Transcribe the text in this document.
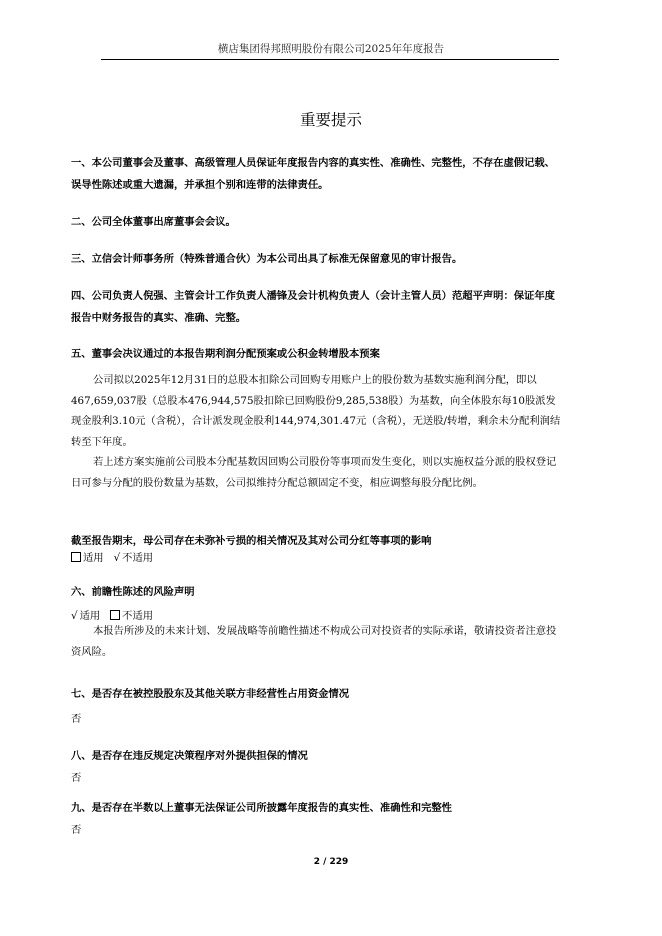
横店集团得邦照明股份有限公司2025年年度报告
重要提示
一、本公司董事会及董事、高级管理人员保证年度报告内容的真实性、准确性、完整性，不存在虚假记载、误导性陈述或重大遗漏，并承担个别和连带的法律责任。
二、公司全体董事出席董事会会议。
三、立信会计师事务所（特殊普通合伙）为本公司出具了标准无保留意见的审计报告。
四、公司负责人倪强、主管会计工作负责人潘锋及会计机构负责人（会计主管人员）范超平声明：保证年度报告中财务报告的真实、准确、完整。
五、董事会决议通过的本报告期利润分配预案或公积金转增股本预案
公司拟以2025年12月31日的总股本扣除公司回购专用账户上的股份数为基数实施利润分配，即以467,659,037股（总股本476,944,575股扣除已回购股份9,285,538股）为基数，向全体股东每10股派发现金股利3.10元（含税），合计派发现金股利144,974,301.47元（含税），无送股/转增，剩余未分配利润结转至下年度。
若上述方案实施前公司股本分配基数因回购公司股份等事项而发生变化，则以实施权益分派的股权登记日可参与分配的股份数量为基数，公司拟维持分配总额固定不变，相应调整每股分配比例。
截至报告期末，母公司存在未弥补亏损的相关情况及其对公司分红等事项的影响
适用 √ 不适用
六、前瞻性陈述的风险声明
√ 适用 不适用
本报告所涉及的未来计划、发展战略等前瞻性描述不构成公司对投资者的实际承诺，敬请投资者注意投资风险。
七、是否存在被控股股东及其他关联方非经营性占用资金情况
否
八、是否存在违反规定决策程序对外提供担保的情况
否
九、是否存在半数以上董事无法保证公司所披露年度报告的真实性、准确性和完整性
否
2 / 229
